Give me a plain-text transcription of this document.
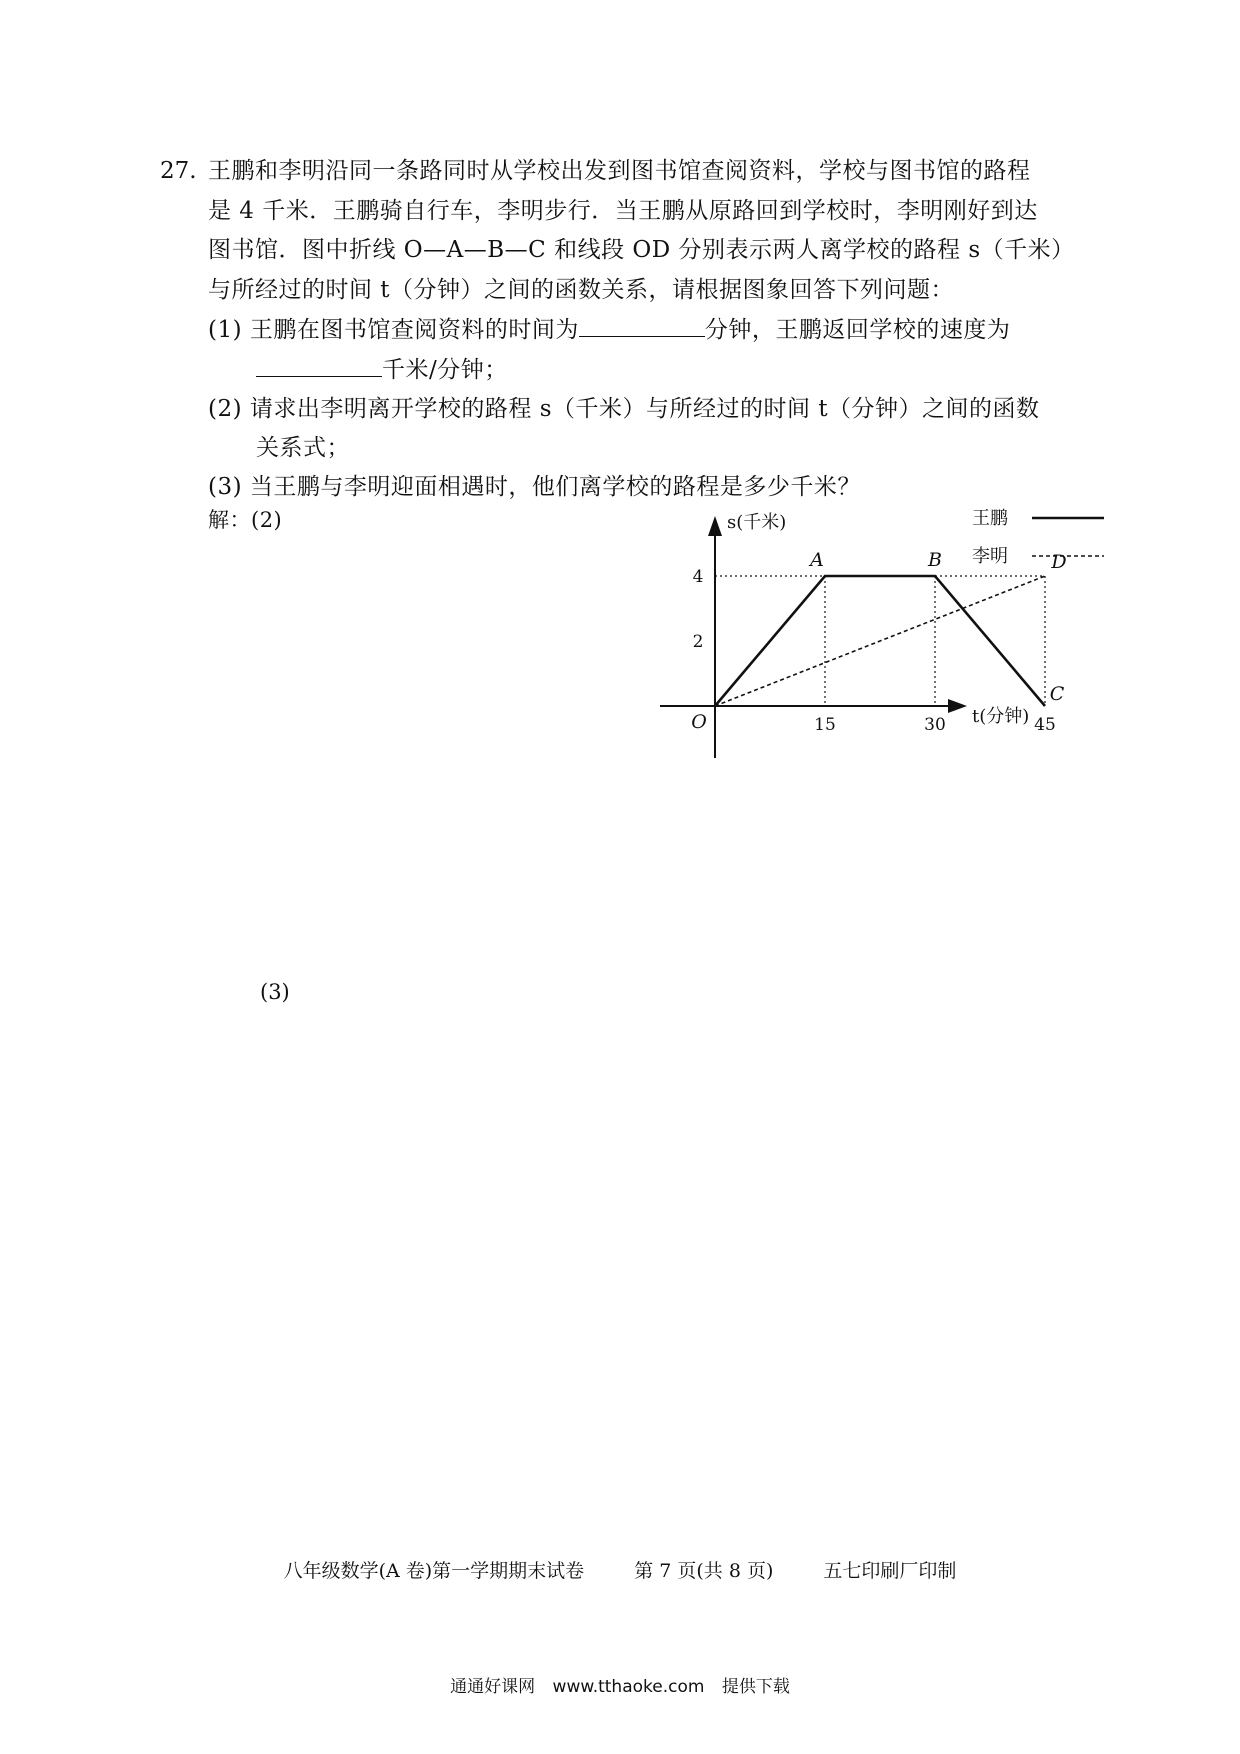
27. 王鹏和李明沿同一条路同时从学校出发到图书馆查阅资料，学校与图书馆的路程
是 4 千米．王鹏骑自行车，李明步行．当王鹏从原路回到学校时，李明刚好到达
图书馆．图中折线 O—A—B—C 和线段 OD 分别表示两人离学校的路程 s（千米）
与所经过的时间 t（分钟）之间的函数关系，请根据图象回答下列问题：
(1) 王鹏在图书馆查阅资料的时间为	分钟，王鹏返回学校的速度为
千米/分钟；
(2) 请求出李明离开学校的路程 s（千米）与所经过的时间 t（分钟）之间的函数
关系式；
(3) 当王鹏与李明迎面相遇时，他们离学校的路程是多少千米？
解：(2)	s(千米)
t(分钟)
O	15	30	45
2
4
A	B
C
D
王鹏
李明
(3)
八年级数学(A 卷)第一学期期末试卷	第 7 页(共 8 页)	五七印刷厂印制
通通好课网 www.tthaoke.com 提供下载
